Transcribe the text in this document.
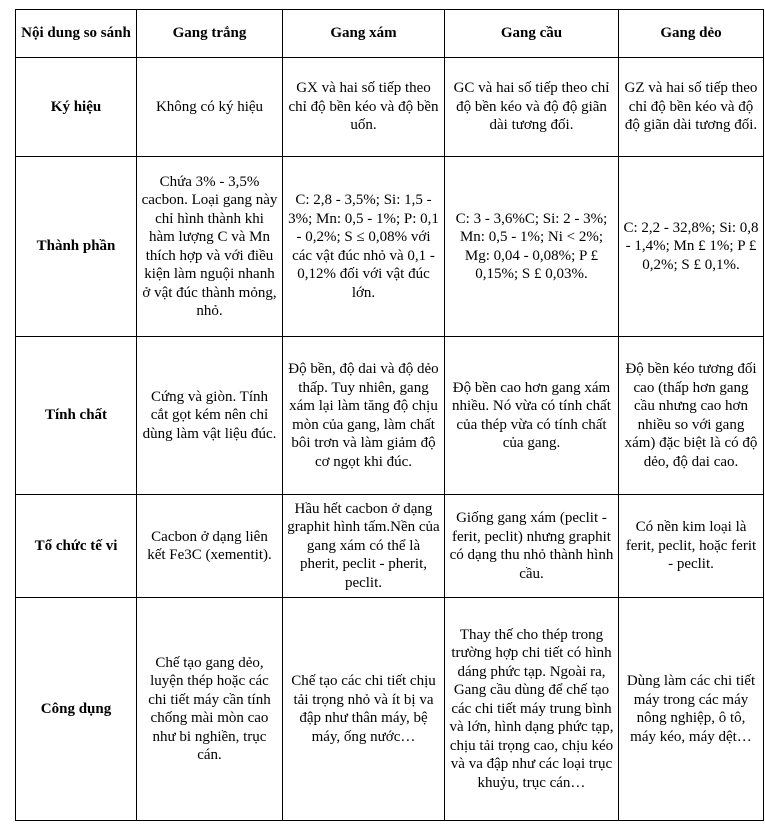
Nội dung so sánh	Gang trắng	Gang xám	Gang cầu	Gang dẻo
Ký hiệu	Không có ký hiệu	GX và hai số tiếp theo chỉ độ bền kéo và độ bền uốn.	GC và hai số tiếp theo chỉ độ bền kéo và độ độ giãn dài tương đối.	GZ và hai số tiếp theo chỉ độ bền kéo và độ độ giãn dài tương đối.
Thành phần	Chứa 3% - 3,5% cacbon. Loại gang này chỉ hình thành khi hàm lượng C và Mn thích hợp và với điều kiện làm nguội nhanh ở vật đúc thành mỏng, nhỏ.	C: 2,8 - 3,5%; Si: 1,5 - 3%; Mn: 0,5 - 1%; P: 0,1 - 0,2%; S ≤ 0,08% với các vật đúc nhỏ và 0,1 - 0,12% đối với vật đúc lớn.	C: 3 - 3,6%C; Si: 2 - 3%; Mn: 0,5 - 1%; Ni < 2%; Mg: 0,04 - 0,08%; P £ 0,15%; S £ 0,03%.	C: 2,2 - 32,8%; Si: 0,8 - 1,4%; Mn £ 1%; P £ 0,2%; S £ 0,1%.
Tính chất	Cứng và giòn. Tính cắt gọt kém nên chỉ dùng làm vật liệu đúc.	Độ bền, độ dai và độ dẻo thấp. Tuy nhiên, gang xám lại làm tăng độ chịu mòn của gang, làm chất bôi trơn và làm giảm độ cơ ngọt khi đúc.	Độ bền cao hơn gang xám nhiều. Nó vừa có tính chất của thép vừa có tính chất của gang.	Độ bền kéo tương đối cao (thấp hơn gang cầu nhưng cao hơn nhiều so với gang xám) đặc biệt là có độ dẻo, độ dai cao.
Tổ chức tế vi	Cacbon ở dạng liên kết Fe3C (xementit).	Hầu hết cacbon ở dạng graphit hình tấm.Nền của gang xám có thể là pherit, peclit - pherit, peclit.	Giống gang xám (peclit - ferit, peclit) nhưng graphit có dạng thu nhỏ thành hình cầu.	Có nền kim loại là ferit, peclit, hoặc ferit - peclit.
Công dụng	Chế tạo gang dẻo, luyện thép hoặc các chi tiết máy cần tính chống mài mòn cao như bi nghiền, trục cán.	Chế tạo các chi tiết chịu tải trọng nhỏ và ít bị va đập như thân máy, bệ máy, ống nước…	Thay thế cho thép trong trường hợp chi tiết có hình dáng phức tạp. Ngoài ra, Gang cầu dùng để chế tạo các chi tiết máy trung bình và lớn, hình dạng phức tạp, chịu tải trọng cao, chịu kéo và va đập như các loại trục khuỷu, trục cán…	Dùng làm các chi tiết máy trong các máy nông nghiệp, ô tô, máy kéo, máy dệt…
